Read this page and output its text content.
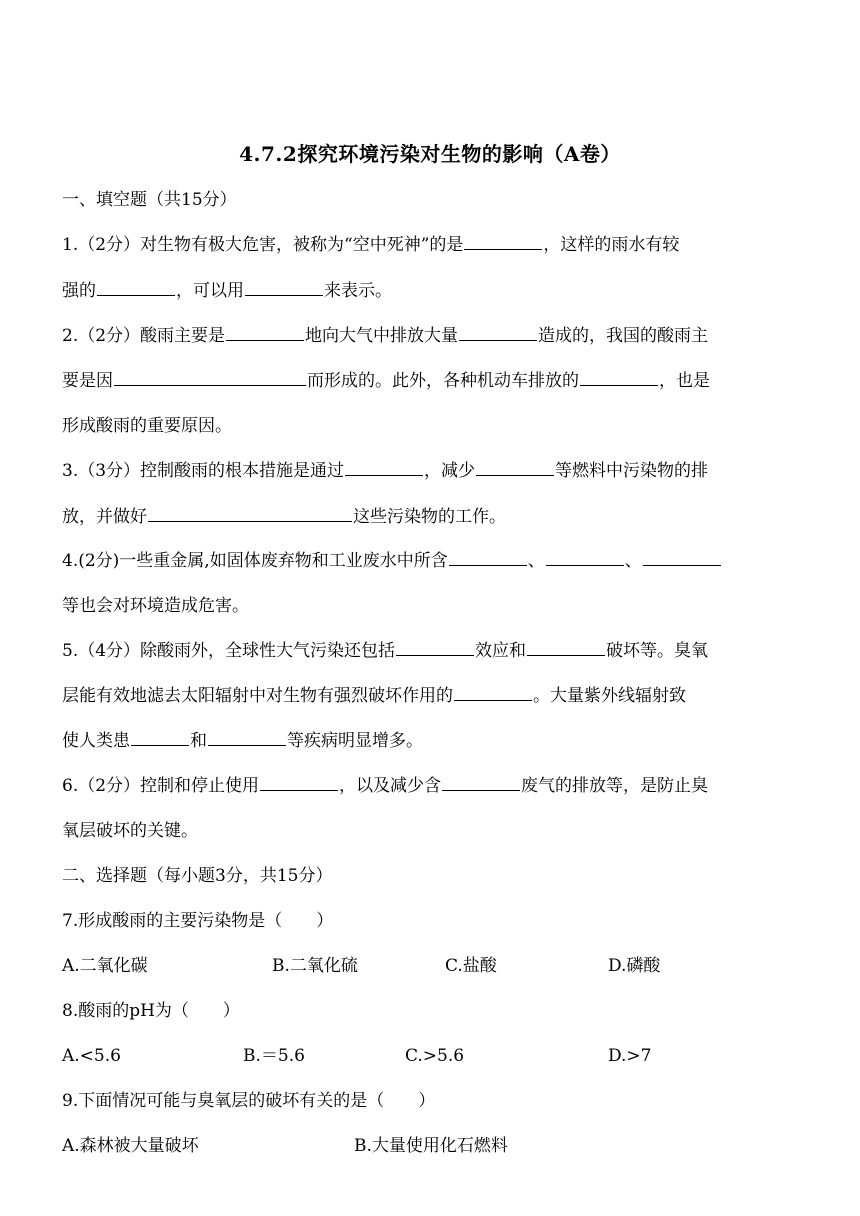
4.7.2探究环境污染对生物的影响（A卷）
一、填空题（共15分）
1.（2分）对生物有极大危害，被称为“空中死神”的是	，这样的雨水有较
强的	，可以用	来表示。
2.（2分）酸雨主要是	地向大气中排放大量	造成的，我国的酸雨主
要是因	而形成的。此外，各种机动车排放的	，也是
形成酸雨的重要原因。
3.（3分）控制酸雨的根本措施是通过	，减少	等燃料中污染物的排
放，并做好	这些污染物的工作。
4.(2分)一些重金属,如固体废弃物和工业废水中所含	、	、
等也会对环境造成危害。
5.（4分）除酸雨外，全球性大气污染还包括	效应和	破坏等。臭氧
层能有效地滤去太阳辐射中对生物有强烈破坏作用的	。大量紫外线辐射致
使人类患	和	等疾病明显增多。
6.（2分）控制和停止使用	，以及减少含	废气的排放等，是防止臭
氧层破坏的关键。
二、选择题（每小题3分，共15分）
7.形成酸雨的主要污染物是（　　）
A.二氧化碳	B.二氧化硫	C.盐酸	D.磷酸
8.酸雨的pH为（　　）
A.<5.6	B.＝5.6	C.>5.6	D.>7
9.下面情况可能与臭氧层的破坏有关的是（　　）
A.森林被大量破坏	B.大量使用化石燃料
